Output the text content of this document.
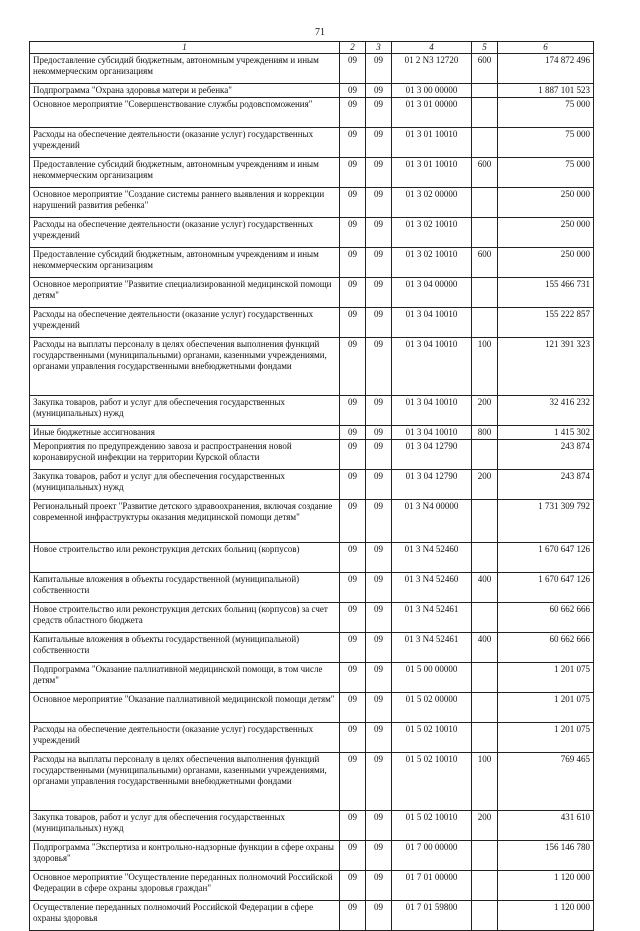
71
1	2	3	4	5	6
Предоставление субсидий бюджетным, автономным учреждениям и иным некоммерческим организациям	09	09	01 2 N3 12720	600	174 872 496
Подпрограмма "Охрана здоровья матери и ребенка"	09	09	01 3 00 00000		1 887 101 523
Основное мероприятие "Совершенствование службы родовспоможения"	09	09	01 3 01 00000		75 000
Расходы на обеспечение деятельности (оказание услуг) государственных учреждений	09	09	01 3 01 10010		75 000
Предоставление субсидий бюджетным, автономным учреждениям и иным некоммерческим организациям	09	09	01 3 01 10010	600	75 000
Основное мероприятие "Создание системы раннего выявления и коррекции нарушений развития ребенка"	09	09	01 3 02 00000		250 000
Расходы на обеспечение деятельности (оказание услуг) государственных учреждений	09	09	01 3 02 10010		250 000
Предоставление субсидий бюджетным, автономным учреждениям и иным некоммерческим организациям	09	09	01 3 02 10010	600	250 000
Основное мероприятие "Развитие специализированной медицинской помощи детям"	09	09	01 3 04 00000		155 466 731
Расходы на обеспечение деятельности (оказание услуг) государственных учреждений	09	09	01 3 04 10010		155 222 857
Расходы на выплаты персоналу в целях обеспечения выполнения функций государственными (муниципальными) органами, казенными учреждениями, органами управления государственными внебюджетными фондами	09	09	01 3 04 10010	100	121 391 323
Закупка товаров, работ и услуг для обеспечения государственных (муниципальных) нужд	09	09	01 3 04 10010	200	32 416 232
Иные бюджетные ассигнования	09	09	01 3 04 10010	800	1 415 302
Мероприятия по предупреждению завоза и распространения новой коронавирусной инфекции на территории Курской области	09	09	01 3 04 12790		243 874
Закупка товаров, работ и услуг для обеспечения государственных (муниципальных) нужд	09	09	01 3 04 12790	200	243 874
Региональный проект "Развитие детского здравоохранения, включая создание современной инфраструктуры оказания медицинской помощи детям"	09	09	01 3 N4 00000		1 731 309 792
Новое строительство или реконструкция детских больниц (корпусов)	09	09	01 3 N4 52460		1 670 647 126
Капитальные вложения в объекты государственной (муниципальной) собственности	09	09	01 3 N4 52460	400	1 670 647 126
Новое строительство или реконструкция детских больниц (корпусов) за счет средств областного бюджета	09	09	01 3 N4 52461		60 662 666
Капитальные вложения в объекты государственной (муниципальной) собственности	09	09	01 3 N4 52461	400	60 662 666
Подпрограмма "Оказание паллиативной медицинской помощи, в том числе детям"	09	09	01 5 00 00000		1 201 075
Основное мероприятие "Оказание паллиативной медицинской помощи детям"	09	09	01 5 02 00000		1 201 075
Расходы на обеспечение деятельности (оказание услуг) государственных учреждений	09	09	01 5 02 10010		1 201 075
Расходы на выплаты персоналу в целях обеспечения выполнения функций государственными (муниципальными) органами, казенными учреждениями, органами управления государственными внебюджетными фондами	09	09	01 5 02 10010	100	769 465
Закупка товаров, работ и услуг для обеспечения государственных (муниципальных) нужд	09	09	01 5 02 10010	200	431 610
Подпрограмма "Экспертиза и контрольно-надзорные функции в сфере охраны здоровья"	09	09	01 7 00 00000		156 146 780
Основное мероприятие "Осуществление переданных полномочий Российской Федерации в сфере охраны здоровья граждан"	09	09	01 7 01 00000		1 120 000
Осуществление переданных полномочий Российской Федерации в сфере охраны здоровья	09	09	01 7 01 59800		1 120 000
